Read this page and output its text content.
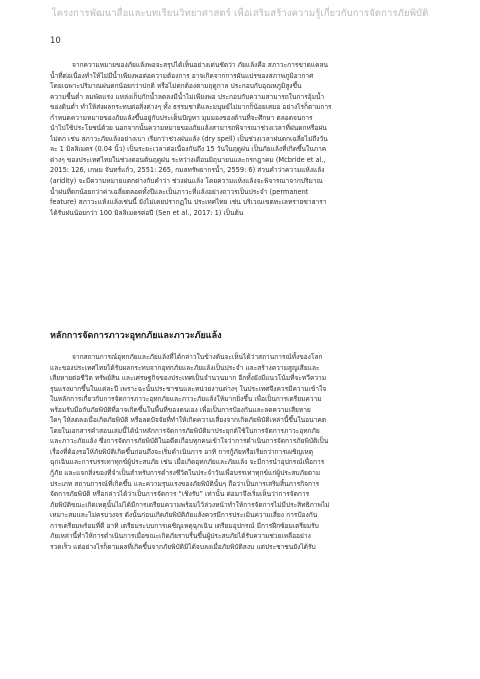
โครงการพัฒนาสื่อและบทเรียนวิทยาศาสตร์ เพื่อเสริมสร้างความรู้เกี่ยวกับการจัดการภัยพิบัติ
10

จากความหมายของภัยแล้งพอจะสรุปได้เห็นอย่างเด่นชัดว่า ภัยแล้งคือ สภาวะการขาดแคลน
น้ำที่ต่อเนื่องทำให้ไม่มีน้ำเพียงพอต่อความต้องการ อาจเกิดจากการผันแปรของสภาพภูมิอากาศ
โดยเฉพาะปริมาณฝนตกน้อยกว่าปกติ หรือไม่ตกต้องตามฤดูกาล ประกอบกับอุณหภูมิสูงขึ้น
ความชื้นต่ำ ลมพัดแรง แหล่งเก็บกักน้ำลดลงมีน้ำไม่เพียงพอ ประกอบกับความสามารถในการอุ้มน้ำ
ของดินต่ำ ทำให้ส่งผลกระทบต่อสิ่งต่างๆ ทั้ง ธรรมชาติและมนุษย์ไม่มากก็น้อยเสมอ อย่างไรก็ตามการ
กำหนดความหมายของภัยแล้งขึ้นอยู่กับประเด็นปัญหา มุมมองของด้านที่จะศึกษา ตลอดจนการ
นำไปใช้ประโยชน์ด้วย นอกจากนั้นความหมายของภัยแล้งสามารถพิจารณาช่วงเวลาที่ฝนตกหรือฝน
ไม่ตก เช่น สภาวะภัยแล้งอย่างเบา เรียกว่าช่วงฝนแล้ง (dry spell) เป็นช่วงเวลาฝนตกเฉลี่ยไม่ถึงวัน
ละ 1 มิลลิเมตร (0.04 นิ้ว) เป็นระยะเวลาต่อเนื่องกันถึง 15 วันในฤดูฝน เป็นภัยแล้งที่เกิดขึ้นในภาค
ต่างๆ ของประเทศไทยในช่วงตอนต้นฤดูฝน ระหว่างเดือนมิถุนายนและกรกฎาคม (Mcbride et al.,
2015: 126, เกษม จันทร์แก้ว, 2551: 265, กมลทรัพยากรน้ำ, 2559: 6) ส่วนคำว่าความแห้งแล้ง
(aridity) จะมีความหมายแตกต่างกับคำว่า ช่วงฝนแล้ง โดยความแห้งแล้งจะพิจารณาจากปริมาณ
น้ำฝนที่ตกน้อยกว่าค่าเฉลี่ยตลอดทั้งปีและเป็นภาวะที่แล้งอย่างถาวรเป็นประจำ (permanent
feature) สภาวะแห้งแล้งเช่นนี้ ยังไม่เคยปรากฏใน ประเทศไทย เช่น บริเวณเขตทะเลทรายซาฮารา
ได้รับฝนน้อยกว่า 100 มิลลิเมตรต่อปี (Sen et al., 2017: 1) เป็นต้น

หลักการจัดการภาวะอุทกภัยและภาวะภัยแล้ง

จากสถานการณ์อุทกภัยและภัยแล้งที่ได้กล่าวในข้างต้นจะเห็นได้ว่าสถานการณ์ทั้งของโลก
และของประเทศไทยได้รับผลกระทบจากอุทกภัยและภัยแล้งเป็นประจำ และสร้างความสูญเสียและ
เสียหายต่อชีวิต ทรัพย์สิน และเศรษฐกิจของประเทศเป็นจำนวนมาก อีกทั้งยังมีแนวโน้มที่จะทวีความ
รุนแรงมากขึ้นในแต่ละปี เพราะฉะนั้นประชาชนและหน่วยงานต่างๆ ในประเทศจึงควรมีความเข้าใจ
ในหลักการเกี่ยวกับการจัดการภาวะอุทกภัยและภาวะภัยแล้งให้มากยิ่งขึ้น เพื่อเป็นการเตรียมความ
พร้อมรับมือกับภัยพิบัติที่อาจเกิดขึ้นในพื้นที่ของตนเอง เพื่อเป็นการป้องกันและลดความเสียหาย
ใดๆ ให้ลดลงเมื่อเกิดภัยพิบัติ หรือลดปัจจัยที่ทำให้เกิดความเสี่ยงจากเกิดภัยพิบัติเหล่านี้ขึ้นในอนาคต
โดยในเอกสารคำสอนเล่มนี้ได้นำหลักการจัดการภัยพิบัติมาประยุกต์ใช้ในการจัดการภาวะอุทกภัย
และภาวะภัยแล้ง ซึ่งการจัดการภัยพิบัติในอดีตเกือบทุกคนเข้าใจว่าการดำเนินการจัดการภัยพิบัติเป็น
เรื่องที่ต้องรอให้ภัยพิบัติเกิดขึ้นก่อนถึงจะเริ่มดำเนินการ อาทิ การกู้ภัยหรือเรียกว่าการเผชิญเหตุ
ฉุกเฉินและการบรรเทาทุกข์ผู้ประสบภัย เช่น เมื่อเกิดอุทกภัยและภัยแล้ง จะมีการนำอุปกรณ์เพื่อการ
กู้ภัย และแจกสิ่งของที่จำเป็นสำหรับการดำรงชีวิตในประจำวันเพื่อบรรเทาทุกข์แก่ผู้ประสบภัยตาม
ประเภท สถานการณ์ที่เกิดขึ้น และความรุนแรงของภัยพิบัตินั้นๆ ถือว่าเป็นการเสริมสิ้นภารกิจการ
จัดการภัยพิบัติ หรือกล่าวได้ว่าเป็นการจัดการ “เชิงรับ” เท่านั้น ต่อมาจึงเริ่มเห็นว่าการจัดการ
ภัยพิบัติขณะเกิดเหตุนั้นไม่ได้มีการเตรียมความพร้อมไว้ล่วงหน้าทำให้การจัดการไม่มีประสิทธิภาพไม่
เหมาะสมและไม่ครบวงจร ดังนั้นก่อนเกิดภัยพิบัติภัยแล้งควรมีการประเมินความเสี่ยง การป้องกัน
การเตรียมพร้อมที่ดี อาทิ เตรียมระบบการเผชิญเหตุฉุกเฉิน เตรียมอุปกรณ์ มีการฝึกซ้อมเตรียมรับ
ภัยเหล่านี้ทำให้การดำเนินการเมื่อขณะเกิดภัยราบรื่นขึ้นผู้ประสบภัยได้รับความช่วยเหลืออย่าง
รวดเร็ว แต่อย่างไรก็ตามผลที่เกิดขึ้นจากภัยพิบัติมิได้จบลงเมื่อภัยพิบัติสงบ แต่ประชาชนยังได้รับ
